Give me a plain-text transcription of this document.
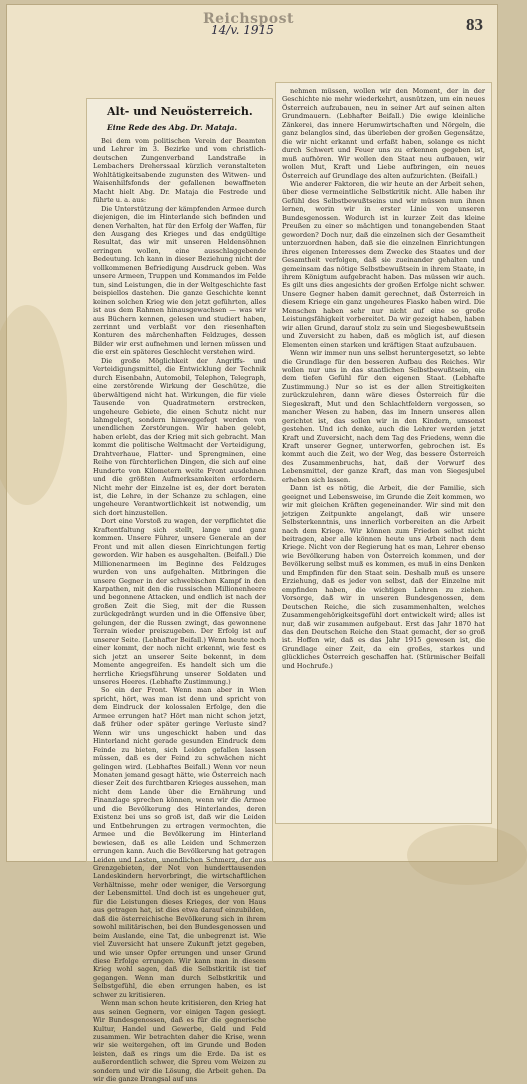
Reichspost
14/v. 1915	83
Alt- und Neuösterreich.
Eine Rede des Abg. Dr. Mataja.

Bei dem vom politischen Verein der Beamten und Lehrer im 3. Bezirke und vom christlich-deutschen Zungenverband Landstraße in Lembachers Dreherssaal kürzlich veranstalteten Wohltätigkeitsabende zugunsten des Witwen- und Waisenhilfsfonds der gefallenen bewaffneten Macht hielt Abg. Dr. Mataja die Festrede und führte u. a. aus:

Die Unterstützung der kämpfenden Armee durch diejenigen, die im Hinterlande sich befinden und denen Verhalten, hat für den Erfolg der Waffen, für den Ausgang des Krieges und das endgültige Resultat, das wir mit unseren Heldensöhnen erringen wollen, eine ausschlaggebende Bedeutung. Ich kann in dieser Beziehung nicht der vollkommenen Befriedigung Ausdruck geben. Was unsere Armeen, Truppen und Kommandos im Felde tun, sind Leistungen, die in der Weltgeschichte fast beispiellos dastehen. Die ganze Geschichte kennt keinen solchen Krieg wie den jetzt geführten, alles ist aus dem Rahmen hinausgewachsen — was wir aus Büchern kennen, gelesen und studiert haben, zerrinnt und verblaßt vor den riesenhaften Konturen des märchenhaften Feldzuges, dessen Bilder wir erst aufnehmen und lernen müssen und die erst ein späteres Geschlecht verstehen wird.

Die große Möglichkeit der Angriffs- und Verteidigungsmittel, die Entwicklung der Technik durch Eisenbahn, Automobil, Telephon, Telegraph, eine zerstörende Wirkung der Geschütze, die überwältigend nicht hat. Wirkungen, die für viele Tausende von Quadratmetern erstrecken, ungeheure Gebiete, die einen Schutz nicht nur lahmgelegt, sondern hinweggefegt werden von unendlichen Zerstörungen. Wir haben gelebt, haben erlebt, das der Krieg mit sich gebracht. Man kommt die politische Weltmacht der Verteidigung, Drahtverhaue, Flatter- und Sprengminen, eine Reihe von fürchterlichen Dingen, die sich auf eine Hunderte von Kilometern weite Front ausdehnen und die größten Aufmerksamkeiten erfordern. Nicht mehr der Einzelne ist es, der dort beraten ist, die Lehre, in der Schanze zu schlagen, eine ungeheure Verantwortlichkeit ist notwendig, um sich dort hinzustellen.

Dort eine Vorstoß zu wagen, der verpflichtet die Kraftentfaltung sich stellt, lange und ganz kommen. Unsere Führer, unsere Generale an der Front und mit allen diesen Einrichtungen fertig geworden. Wir haben es ausgehalten. (Beifall.) Die Millionenarmeen im Beginne des Feldzuges wurden von uns aufgehalten. Mitbringen die unsere Gegner in der schwebischen Kampf in den Karpathen, mit den die russischen Millionenheere und begonnene Attacken, und endlich ist nach der großen Zeit die Sieg, mit der die Russen zurückgedrängt wurden und in die Offensive über, gelungen, der die Russen zwingt, das gewonnene Terrain wieder preiszugeben. Der Erfolg ist auf unserer Seite. (Lebhafter Beifall.) Wenn heute noch einer kommt, der noch nicht erkennt, wie fest es sich jetzt an unserer Seite bekennt, in dem Momente angegreifen. Es handelt sich um die herrliche Kriegsführung unserer Soldaten und unseres Heeres. (Lebhafte Zustimmung.)

So ein der Front. Wenn man aber in Wien spricht, hört, was man ist denn und spricht von dem Eindruck der kolossalen Erfolge, den die Armee errungen hat? Hört man nicht schon jetzt, daß früher oder später geringe Verluste sind? Wenn wir uns ungeschickt haben und das Hinterland nicht gerade gesunden Eindruck dem Feinde zu bieten, sich Leiden gefallen lassen müssen, daß es der Feind zu schwächen nicht gelingen wird. (Lebhaftes Beifall.) Wenn vor neun Monaten jemand gesagt hätte, wie Österreich nach dieser Zeit des furchtbaren Krieges aussehen, man nicht dem Lande über die Ernährung und Finanzlage sprechen können, wenn wir die Armee und die Bevölkerung des Hinterlandes, deren Existenz bei uns so groß ist, daß wir die Leiden und Entbehrungen zu ertragen vermochten, die Armee und die Bevölkerung im Hinterland bewiesen, daß es alle Leiden und Schmerzen errungen kann. Auch die Bevölkerung hat getragen Leiden und Lasten, unendlichen Schmerz, der aus Grenzgebieten, der Not von hunderttausenden Landeskindern hervorbringt, die wirtschaftlichen Verhältnisse, mehr oder weniger, die Versorgung der Lebensmittel. Und doch ist es ungeheuer gut, für die Leistungen dieses Krieges, der von Haus aus getragen hat, ist dies etwa darauf einzubilden, daß die österreichische Bevölkerung sich in ihrem sowohl militärischen, bei den Bundesgenossen und beim Auslande, eine Tat, die unbegrenzt ist. Wie viel Zuversicht hat unsere Zukunft jetzt gegeben, und wie unser Opfer errungen und unser Grund diese Erfolge errungen. Wir kann man in diesem Krieg wohl sagen, daß die Selbstkritik ist tief gegangen. Wenn man durch Selbstkritik und Selbstgefühl, die eben errungen haben, es ist schwer zu kritisieren.

Wenn man schon heute kritisieren, den Krieg hat aus seinen Gegnern, vor einigen Tagen gesiegt. Wir Bundesgenossen, daß es für die gegnerische Kultur, Handel und Gewerbe, Geld und Feld zusammen. Wir betrachten daher die Krise, wenn wir sie weitergehen, oft im Grunde und Boden leisten, daß es rings um die Erde. Da ist es außerordentlich schwer, die Spreu vom Weizen zu sondern und wir die Lösung, die Arbeit gehen. Da wir die ganze Drangsal auf uns

nehmen müssen, wollen wir den Moment, der in der Geschichte nie mehr wiederkehrt, ausnützen, um ein neues Österreich aufzubauen, neu in seiner Art auf seinen alten Grundmauern. (Lebhafter Beifall.) Die ewige kleinliche Zänkerei, das innere Herumwirtschaften und Nörgeln, die ganz belanglos sind, das überleben der großen Gegensätze, die wir nicht erkannt und erfaßt haben, solange es nicht durch Schwert und Feuer uns zu erkennen gegeben ist, muß aufhören. Wir wollen den Staat neu aufbauen, wir wollen Mut, Kraft und Liebe aufbringen, ein neues Österreich auf Grundlage des alten aufzurichten. (Beifall.)

Wie anderer Faktoren, die wir heute an der Arbeit sehen, über diese vermeintliche Selbstkritik nicht. Alle haben ihr Gefühl des Selbstbewußtseins und wir müssen nun ihnen lernen, worin wir in erster Linie von unseren Bundesgenossen. Wodurch ist in kurzer Zeit das kleine Preußen zu einer so mächtigen und tonangebenden Staat geworden? Doch nur, daß die einzelnen sich der Gesamtheit unterzuordnen haben, daß sie die einzelnen Einrichtungen ihres eigenen Interesses dem Zwecke des Staates und der Gesamtheit verfolgen, daß sie zueinander gehalten und gemeinsam das nötige Selbstbewußtsein in ihrem Staate, in ihrem Königtum aufgebracht haben. Das müssen wir auch. Es gilt uns dies angesichts der großen Erfolge nicht schwer. Unsere Gegner haben damit gerechnet, daß Österreich in diesem Kriege ein ganz ungeheures Fiasko haben wird. Die Menschen haben sehr nur nicht auf eine so große Leistungsfähigkeit vorbereitet. Da wir gezeigt haben, haben wir allen Grund, darauf stolz zu sein und Siegesbewußtsein und Zuversicht zu haben, daß es möglich ist, auf diesen Elementen einen starken und kräftigen Staat aufzubauen.

Wenn wir immer nun uns selbst heruntergesetzt, so lebte die Grundlage für den besseren Aufbau des Reiches. Wir wollen nur uns in das staatlichen Selbstbewußtsein, ein dem tiefen Gefühl für den eigenen Staat. (Lebhafte Zustimmung.) Nur so ist es der allen Streitigkeiten zurückzulehren, dann wäre dieses Österreich für die Siegeskraft, Mut und den Schlachtfeldern vergossen, so mancher Wesen zu haben, das im Innern unseres allen gerichtet ist, das sollen wir in den Kindern, umsonst gestehen. Und ich denke, auch die Lehrer werden jetzt Kraft und Zuversicht, nach dem Tag des Friedens, wenn die Kraft unserer Gegner, unterworfen, gebrochen ist. Es kommt auch die Zeit, wo der Weg, das bessere Österreich des Zusammenbruchs, hat, daß der Vorwurf des Lebensmittel, der ganze Kraft, das man von Siegesjubel erheben sich lassen.

Dann ist es nötig, die Arbeit, die der Familie, sich geeignet und Lebensweise, im Grunde die Zeit kommen, wo wir mit gleichen Kräften gegeneinander. Wir sind mit den jetzigen Zeitpunkte angelangt, daß wir unsere Selbsterkenntnis, uns innerlich vorbereiten an die Arbeit nach dem Kriege. Wir können zum Frieden selbst nicht beitragen, aber alle können heute uns Arbeit nach dem Kriege. Nicht von der Regierung hat es man, Lehrer ebenso wie Bevölkerung haben von Österreich kommen, und der Bevölkerung selbst muß es kommen, es muß in eins Denken und Empfinden für den Staat sein. Deshalb muß es unsere Erziehung, daß es jeder von selbst, daß der Einzelne mit empfinden haben, die wichtigen Lehren zu ziehen. Vorsorge, daß wir in unseren Bundesgenossen, dem Deutschen Reiche, die sich zusammenhalten, welches Zusammengehörigkeitsgefühl dort entwickelt wird; alles ist nur, daß wir zusammen aufgebaut. Erst das Jahr 1870 hat das den Deutschen Reiche den Staat gemacht, der so groß ist. Hoffen wir, daß es das Jahr 1915 gewesen ist, die Grundlage einer Zeit, da ein großes, starkes und glückliches Österreich geschaffen hat. (Stürmischer Beifall und Hochrufe.)
